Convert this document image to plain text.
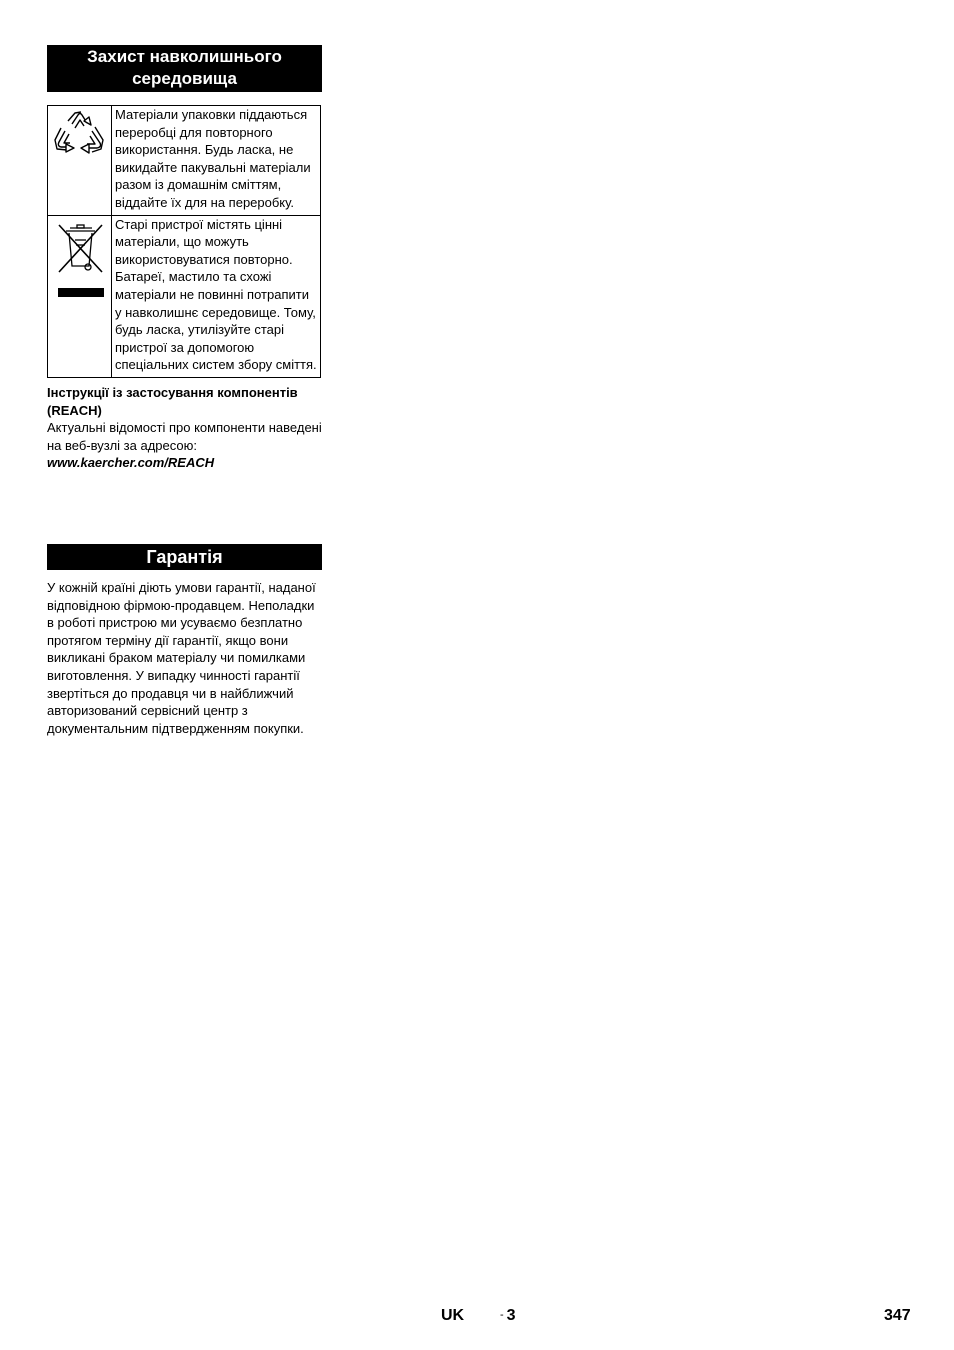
Захист навколишнього середовища
	Матеріали упаковки піддаються переробці для повторного використання. Будь ласка, не викидайте пакувальні матеріали разом із домашнім сміттям, віддайте їх для на переробку.

	Старі пристрої містять цінні матеріали, що можуть використовуватися повторно. Батареї, мастило та схожі матеріали не повинні потрапити у навколишнє середовище. Тому, будь ласка, утилізуйте старі пристрої за допомогою спеціальних систем збору сміття.
Інструкції із застосування компонентів (REACH)
Актуальні відомості про компоненти наведені на веб-вузлі за адресою:
www.kaercher.com/REACH
Гарантія
У кожній країні діють умови гарантії, наданої відповідною фірмою-продавцем. Неполадки в роботі пристрою ми усуваємо безплатно протягом терміну дії гарантії, якщо вони викликані браком матеріалу чи помилками виготовлення. У випадку чинності гарантії звертіться до продавця чи в найближчий авторизований сервісний центр з документальним підтвердженням покупки.
UK	- 3	347
